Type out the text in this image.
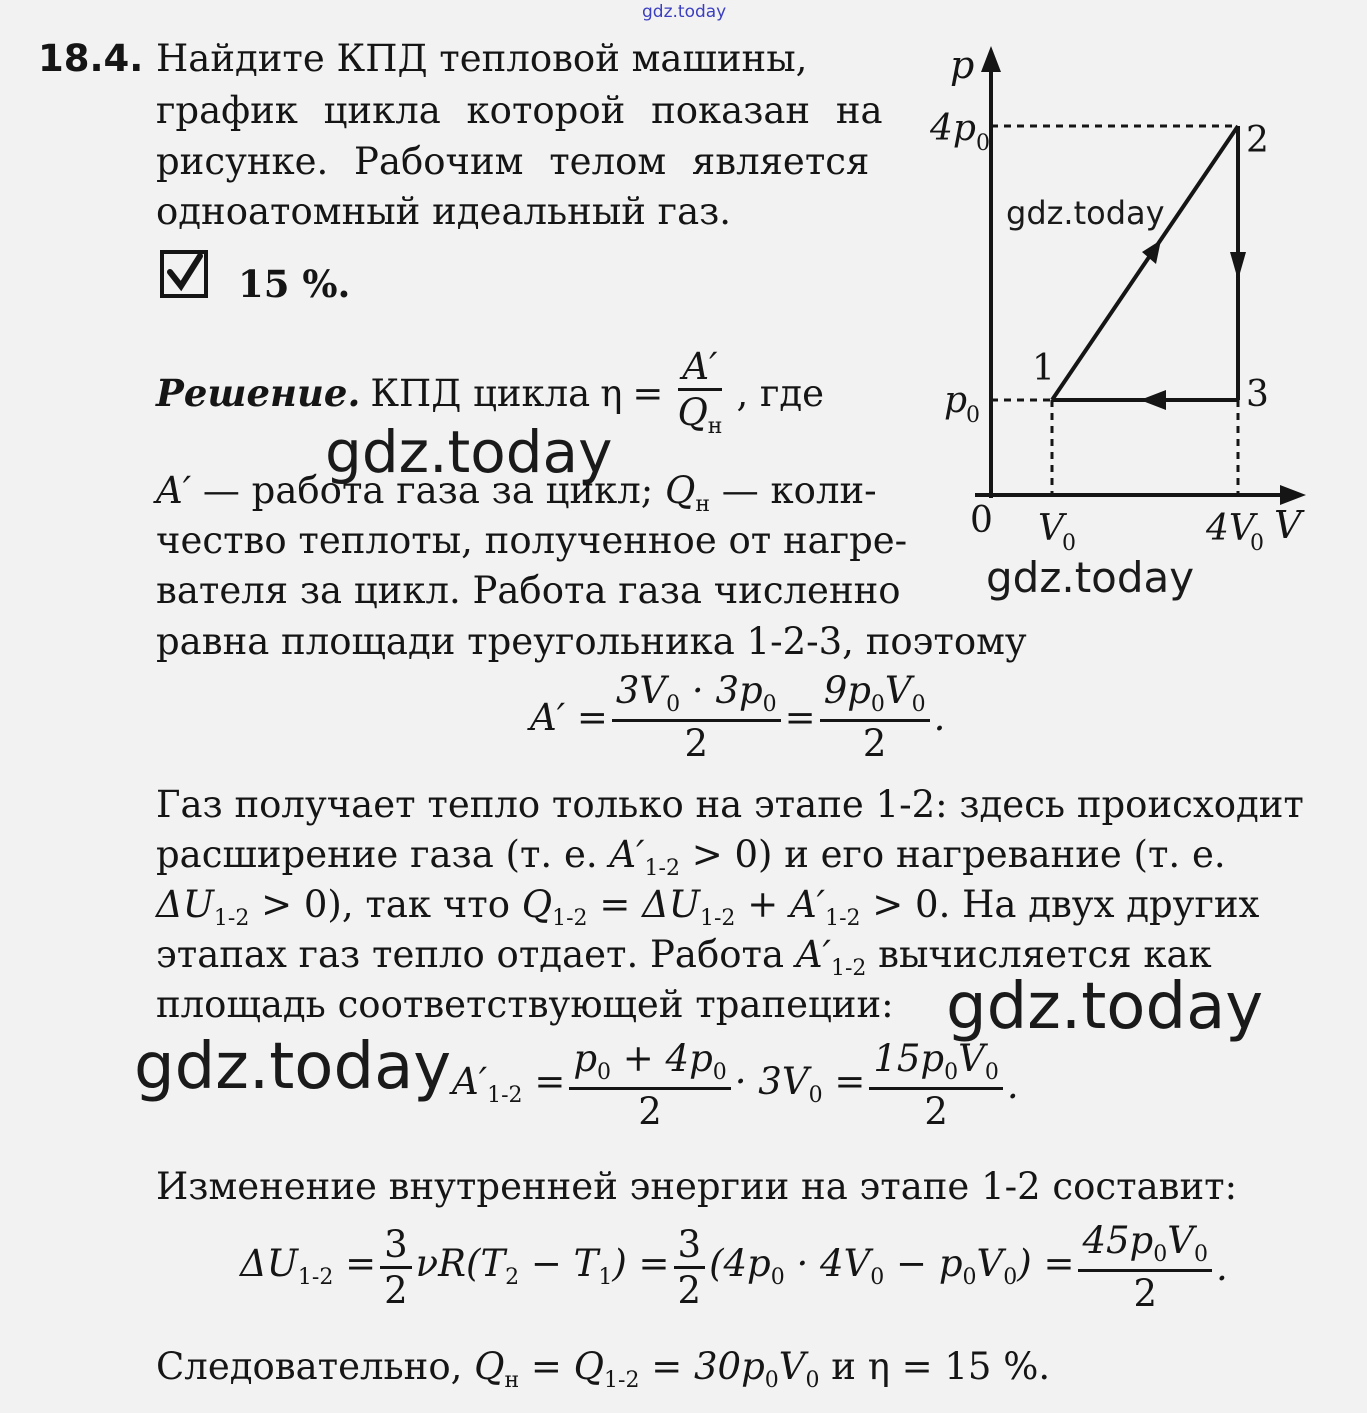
gdz.today
18.4. Найдите КПД тепловой машины,
график цикла которой показан на
рисунке. Рабочим телом является
одноатомный идеальный газ.
15 %.
p
4p 0
p
0
0 V
0	4V
0 V
1
2
3
gdz.today
Решение. КПД цикла $\eta = \frac{A'}{Q_н}$ , где
gdz.today
A′ — работа газа за цикл; $Q_н$ — коли-
чество теплоты, полученное от нагре-
вателя за цикл. Работа газа численно gdz.today
равна площади треугольника 1-2-3, поэтому
$A' = \frac{3V_0 \cdot 3p_0}{2} = \frac{9p_0V_0}{2}$ .
Газ получает тепло только на этапе 1-2: здесь происходит
расширение газа (т. е. $A'_{1-2} > 0$) и его нагревание (т. е.
$\Delta U_{1-2} > 0$), так что $Q_{1-2} = \Delta U_{1-2} + A'_{1-2} > 0$. На двух других
этапах газ тепло отдает. Работа $A'_{1-2}$ вычисляется как
площадь соответствующей трапеции: gdz.today
gdz.today $A'_{1-2} = \frac{p_0 + 4p_0}{2} \cdot 3V_0 = \frac{15p_0V_0}{2}$ .
Изменение внутренней энергии на этапе 1-2 составит:
$\Delta U_{1-2} = \frac{3}{2} \nu R(T_2 - T_1) = \frac{3}{2} (4p_0 \cdot 4V_0 - p_0V_0) = \frac{45p_0V_0}{2}$ .
Следовательно, $Q_н = Q_{1-2} = 30p_0V_0$ и η = 15 %.
